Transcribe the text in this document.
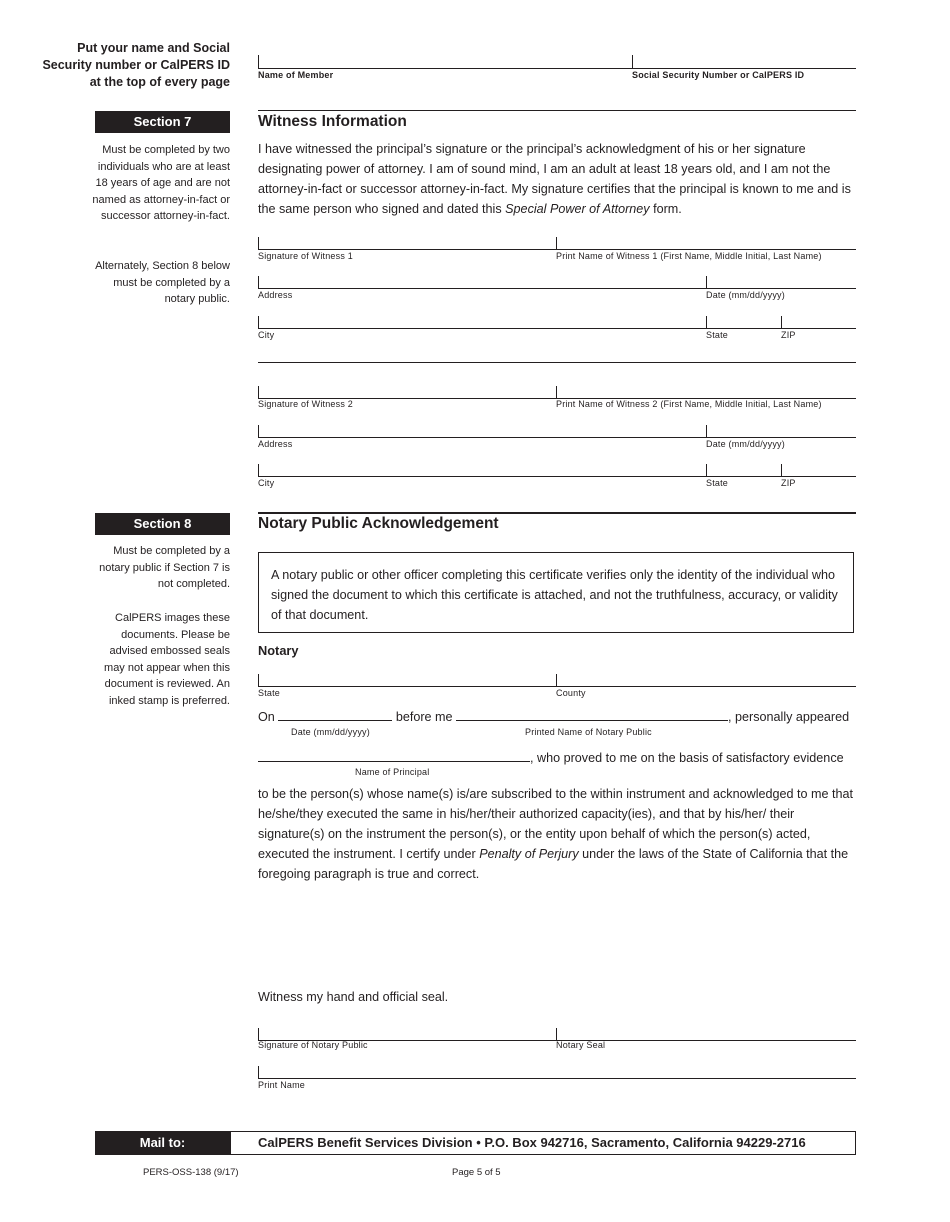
Put your name and Social Security number or CalPERS ID at the top of every page	Name of Member	Social Security Number or CalPERS ID
Section 7	Witness Information
Must be completed by two individuals who are at least 18 years of age and are not named as attorney-in-fact or successor attorney-in-fact.
Alternately, Section 8 below must be completed by a notary public.
I have witnessed the principal’s signature or the principal’s acknowledgment of his or her signature designating power of attorney. I am of sound mind, I am an adult at least 18 years old, and I am not the attorney-in-fact or successor attorney-in-fact. My signature certifies that the principal is known to me and is the same person who signed and dated this Special Power of Attorney form.
Signature of Witness 1	Print Name of Witness 1 (First Name, Middle Initial, Last Name)
Address	Date (mm/dd/yyyy)
City	State	ZIP
Signature of Witness 2	Print Name of Witness 2 (First Name, Middle Initial, Last Name)
Address	Date (mm/dd/yyyy)
City	State	ZIP
Section 8	Notary Public Acknowledgement
Must be completed by a notary public if Section 7 is not completed.
CalPERS images these documents. Please be advised embossed seals may not appear when this document is reviewed. An inked stamp is preferred.
A notary public or other officer completing this certificate verifies only the identity of the individual who signed the document to which this certificate is attached, and not the truthfulness, accuracy, or validity of that document.
Notary
State	County
On	before me	, personally appeared
Date (mm/dd/yyyy)	Printed Name of Notary Public
, who proved to me on the basis of satisfactory evidence
Name of Principal
to be the person(s) whose name(s) is/are subscribed to the within instrument and acknowledged to me that he/she/they executed the same in his/her/their authorized capacity(ies), and that by his/her/ their signature(s) on the instrument the person(s), or the entity upon behalf of which the person(s) acted, executed the instrument. I certify under Penalty of Perjury under the laws of the State of California that the foregoing paragraph is true and correct.
Witness my hand and official seal.
Signature of Notary Public	Notary Seal
Print Name
Mail to:	CalPERS Benefit Services Division • P.O. Box 942716, Sacramento, California 94229-2716
PERS-OSS-138 (9/17)	Page 5 of 5
